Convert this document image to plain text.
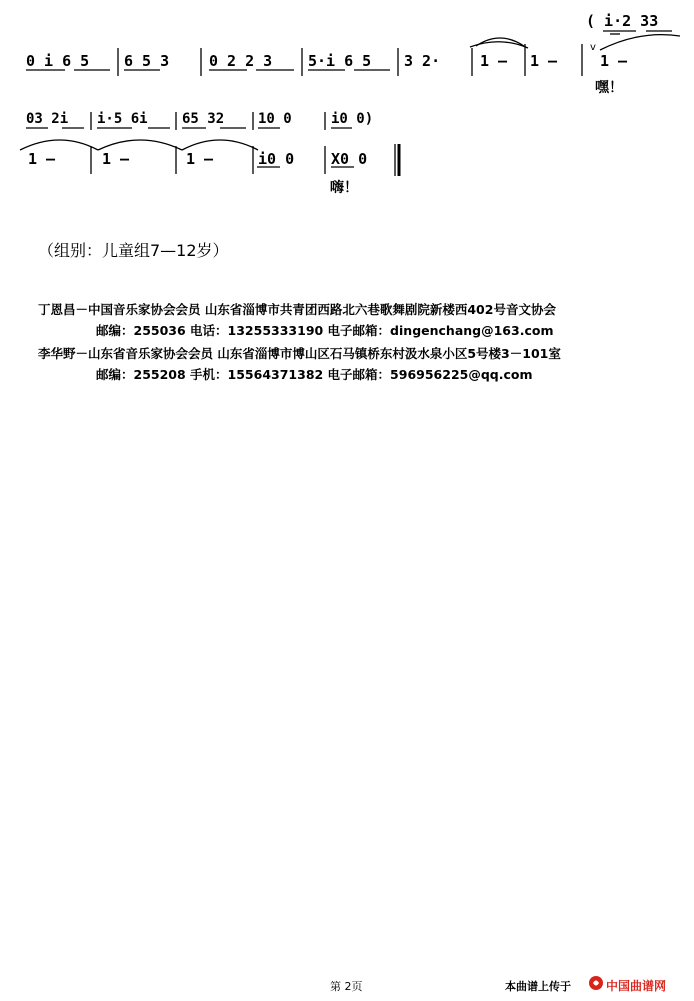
0 i 6 5 6 5 3	0 2 2 3 5·i 6 5 3 2·	1 – 1 –	1 –
( i·2 33
嘿！
v
03 2i i·5 6i 65 32 10 0	i0 0)
1 –	1 –	1 –	i0 0 X0 0
嗨！
（组别：儿童组7—12岁）
丁恩昌－中国音乐家协会会员 山东省淄博市共青团西路北六巷歌舞剧院新楼西402号音文协会
邮编：255036 电话：13255333190 电子邮箱：dingenchang@163.com
李华野－山东省音乐家协会会员 山东省淄博市博山区石马镇桥东村汲水泉小区5号楼3－101室
邮编：255208 手机：15564371382 电子邮箱：596956225@qq.com
第 2页	本曲谱上传于	中国曲谱网
